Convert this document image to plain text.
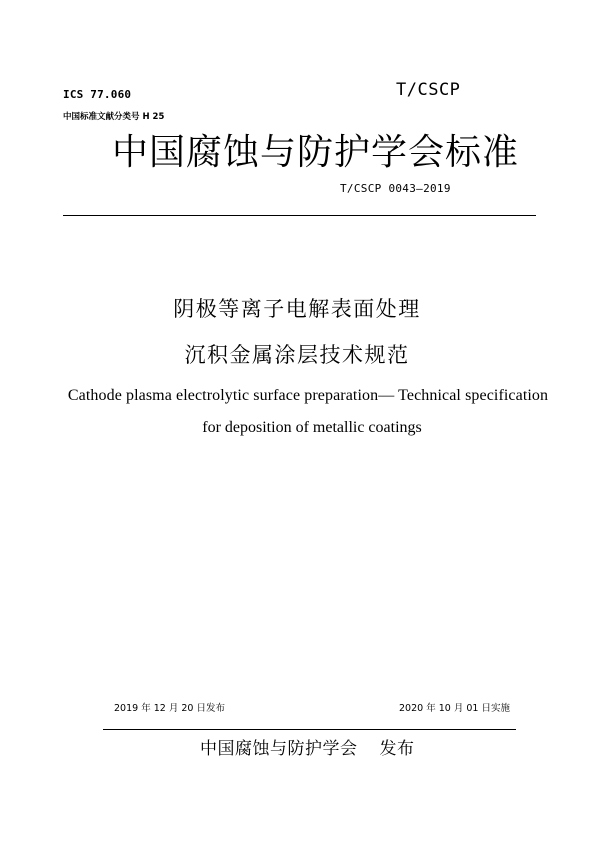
ICS 77.060
中国标准文献分类号 H 25
T/CSCP
中国腐蚀与防护学会标准
T/CSCP 0043—2019
阴极等离子电解表面处理
沉积金属涂层技术规范
Cathode plasma electrolytic surface preparation— Technical specification
for deposition of metallic coatings
2019 年 12 月 20 日发布	2020 年 10 月 01 日实施
中国腐蚀与防护学会 发布
